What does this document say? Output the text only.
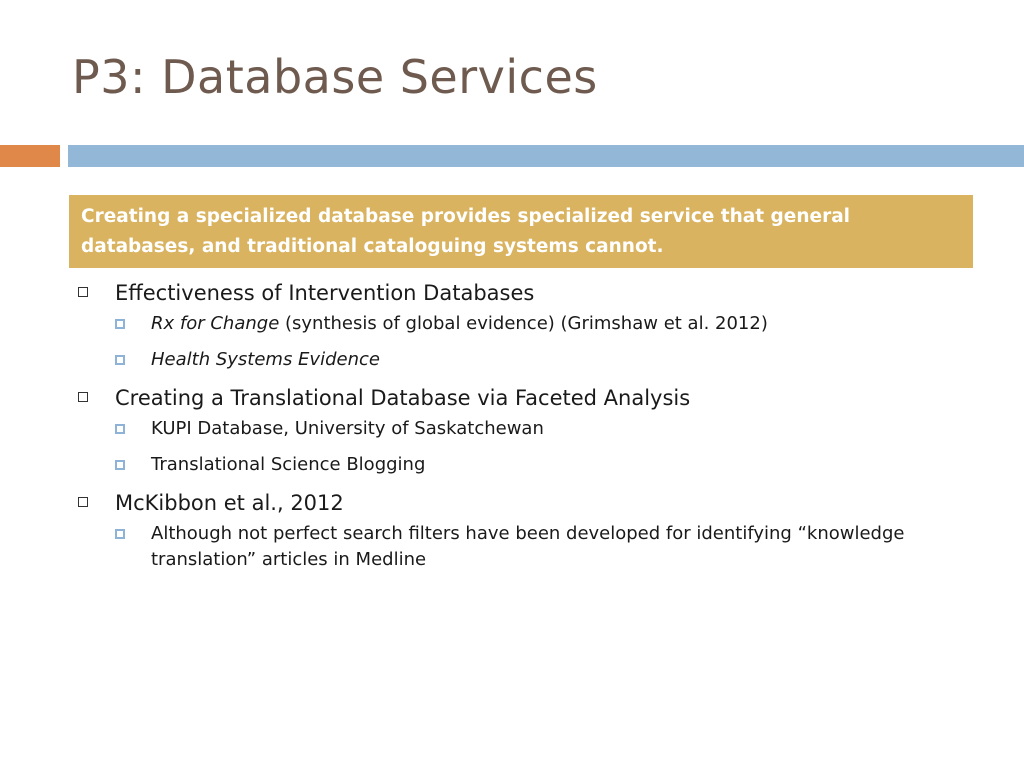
P3: Database Services

Creating a specialized database provides specialized service that general databases, and traditional cataloguing systems cannot.

Effectiveness of Intervention Databases
Rx for Change (synthesis of global evidence) (Grimshaw et al. 2012)
Health Systems Evidence
Creating a Translational Database via Faceted Analysis
KUPI Database, University of Saskatchewan
Translational Science Blogging
McKibbon et al., 2012
Although not perfect search filters have been developed for identifying “knowledge translation” articles in Medline
